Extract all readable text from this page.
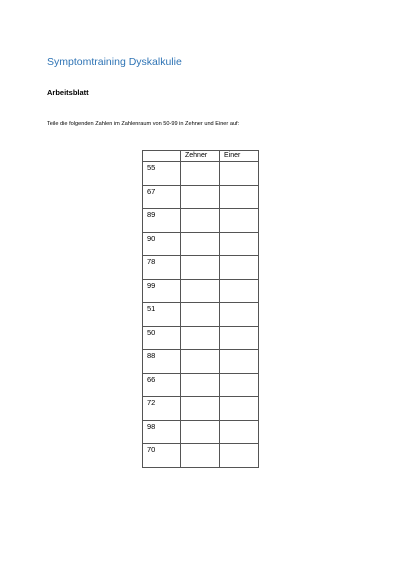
Symptomtraining Dyskalkulie
Arbeitsblatt
Teile die folgenden Zahlen im Zahlenraum von 50-99 in Zehner und Einer auf:
	Zehner	Einer
55		
67		
89		
90		
78		
99		
51		
50		
88		
66		
72		
98		
70		
